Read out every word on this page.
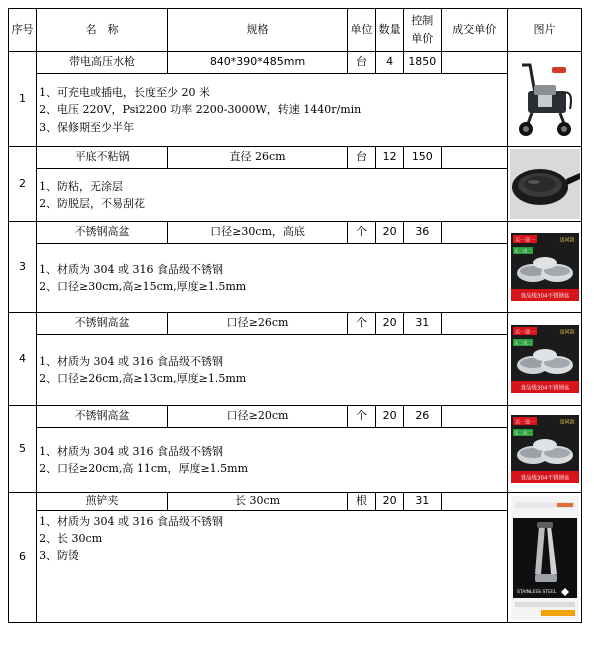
序号	名　称	规格	单位	数量	控制
单价	成交单价	图片
1	带电高压水枪	840*390*485mm	台	4	1850		

	1、可充电或插电，长度至少 20 米
2、电压 220V，Psi2200 功率 2200-3000W，转速 1440r/min
3、保修期至少半年						

2	平底不粘锅	直径 26cm	台	12	150		

	1、防粘，无涂层
2、防脱层，不易刮花						

3	不锈钢高盆	口径≥30cm，高底	个	20	36		买一送一 送同款
买二送二
食品级304不锈钢盆

	1、材质为 304 或 316 食品级不锈钢
2、口径≥30cm,高≥15cm,厚度≥1.5mm						

4	不锈钢高盆	口径≥26cm	个	20	31		买一送一 送同款
买二送二
食品级304不锈钢盆

	1、材质为 304 或 316 食品级不锈钢
2、口径≥26cm,高≥13cm,厚度≥1.5mm						

5	不锈钢高盆	口径≥20cm	个	20	26		买一送一 送同款
买二送二
食品级304不锈钢盆

	1、材质为 304 或 316 食品级不锈钢
2、口径≥20cm,高 11cm，厚度≥1.5mm						

6	煎铲夹	长 30cm	根	20	31		STAINLESS STEEL

	1、材质为 304 或 316 食品级不锈钢
2、长 30cm
3、防烫						
